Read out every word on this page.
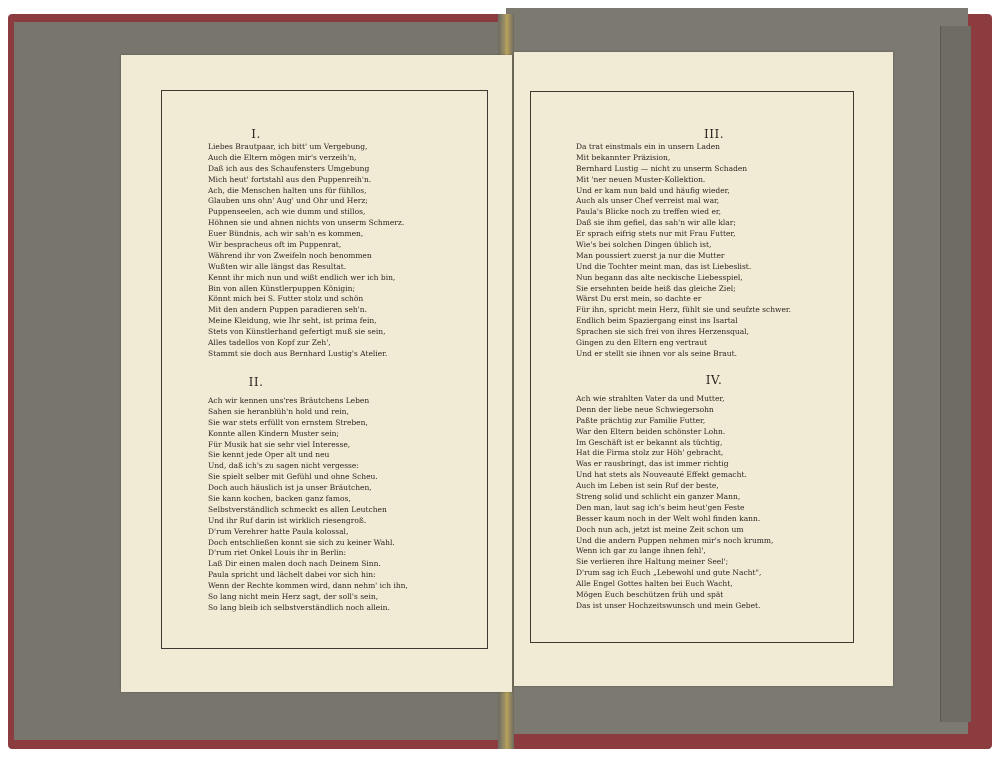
I.
Liebes Brautpaar, ich bitt' um Vergebung,
Auch die Eltern mögen mir's verzeih'n,
Daß ich aus des Schaufensters Umgebung
Mich heut' fortstahl aus den Puppenreih'n.
Ach, die Menschen halten uns für fühllos,
Glauben uns ohn' Aug' und Ohr und Herz;
Puppenseelen, ach wie dumm und stillos,
Höhnen sie und ahnen nichts von unserm Schmerz.
Euer Bündnis, ach wir sah'n es kommen,
Wir bespracheus oft im Puppenrat,
Während ihr von Zweifeln noch benommen
Wußten wir alle längst das Resultat.
Kennt ihr mich nun und wißt endlich wer ich bin,
Bin von allen Künstlerpuppen Königin;
Könnt mich bei S. Futter stolz und schön
Mit den andern Puppen paradieren seh'n.
Meine Kleidung, wie Ihr seht, ist prima fein,
Stets von Künstlerhand gefertigt muß sie sein,
Alles tadellos von Kopf zur Zeh',
Stammt sie doch aus Bernhard Lustig's Atelier.
II.
Ach wir kennen uns'res Bräutchens Leben
Sahen sie heranblüh'n hold und rein,
Sie war stets erfüllt von ernstem Streben,
Konnte allen Kindern Muster sein;
Für Musik hat sie sehr viel Interesse,
Sie kennt jede Oper alt und neu
Und, daß ich's zu sagen nicht vergesse:
Sie spielt selber mit Gefühl und ohne Scheu.
Doch auch häuslich ist ja unser Bräutchen,
Sie kann kochen, backen ganz famos,
Selbstverständlich schmeckt es allen Leutchen
Und ihr Ruf darin ist wirklich riesengroß.
D'rum Verehrer hatte Paula kolossal,
Doch entschließen konnt sie sich zu keiner Wahl.
D'rum riet Onkel Louis ihr in Berlin:
Laß Dir einen malen doch nach Deinem Sinn.
Paula spricht und lächelt dabei vor sich hin:
Wenn der Rechte kommen wird, dann nehm' ich ihn,
So lang nicht mein Herz sagt, der soll's sein,
So lang bleib ich selbstverständlich noch allein.
III.
Da trat einstmals ein in unsern Laden
Mit bekannter Präzision,
Bernhard Lustig — nicht zu unserm Schaden
Mit 'ner neuen Muster-Kollektion.
Und er kam nun bald und häufig wieder,
Auch als unser Chef verreist mal war,
Paula's Blicke noch zu treffen wied er,
Daß sie ihm gefiel, das sah'n wir alle klar;
Er sprach eifrig stets nur mit Frau Futter,
Wie's bei solchen Dingen üblich ist,
Man poussiert zuerst ja nur die Mutter
Und die Tochter meint man, das ist Liebeslist.
Nun begann das alte neckische Liebesspiel,
Sie ersehnten beide heiß das gleiche Ziel;
Wärst Du erst mein, so dachte er
Für ihn, spricht mein Herz, fühlt sie und seufzte schwer.
Endlich beim Spaziergang einst ins Isartal
Sprachen sie sich frei von ihres Herzensqual,
Gingen zu den Eltern eng vertraut
Und er stellt sie ihnen vor als seine Braut.
IV.
Ach wie strahlten Vater da und Mutter,
Denn der liebe neue Schwiegersohn
Paßte prächtig zur Familie Futter,
War den Eltern beiden schönster Lohn.
Im Geschäft ist er bekannt als tüchtig,
Hat die Firma stolz zur Höh' gebracht,
Was er rausbringt, das ist immer richtig
Und hat stets als Nouveauté Effekt gemacht.
Auch im Leben ist sein Ruf der beste,
Streng solid und schlicht ein ganzer Mann,
Den man, laut sag ich's beim heut'gen Feste
Besser kaum noch in der Welt wohl finden kann.
Doch nun ach, jetzt ist meine Zeit schon um
Und die andern Puppen nehmen mir's noch krumm,
Wenn ich gar zu lange ihnen fehl',
Sie verlieren ihre Haltung meiner Seel';
D'rum sag ich Euch „Lebewohl und gute Nacht",
Alle Engel Gottes halten bei Euch Wacht,
Mögen Euch beschützen früh und spät
Das ist unser Hochzeitswunsch und mein Gebet.
